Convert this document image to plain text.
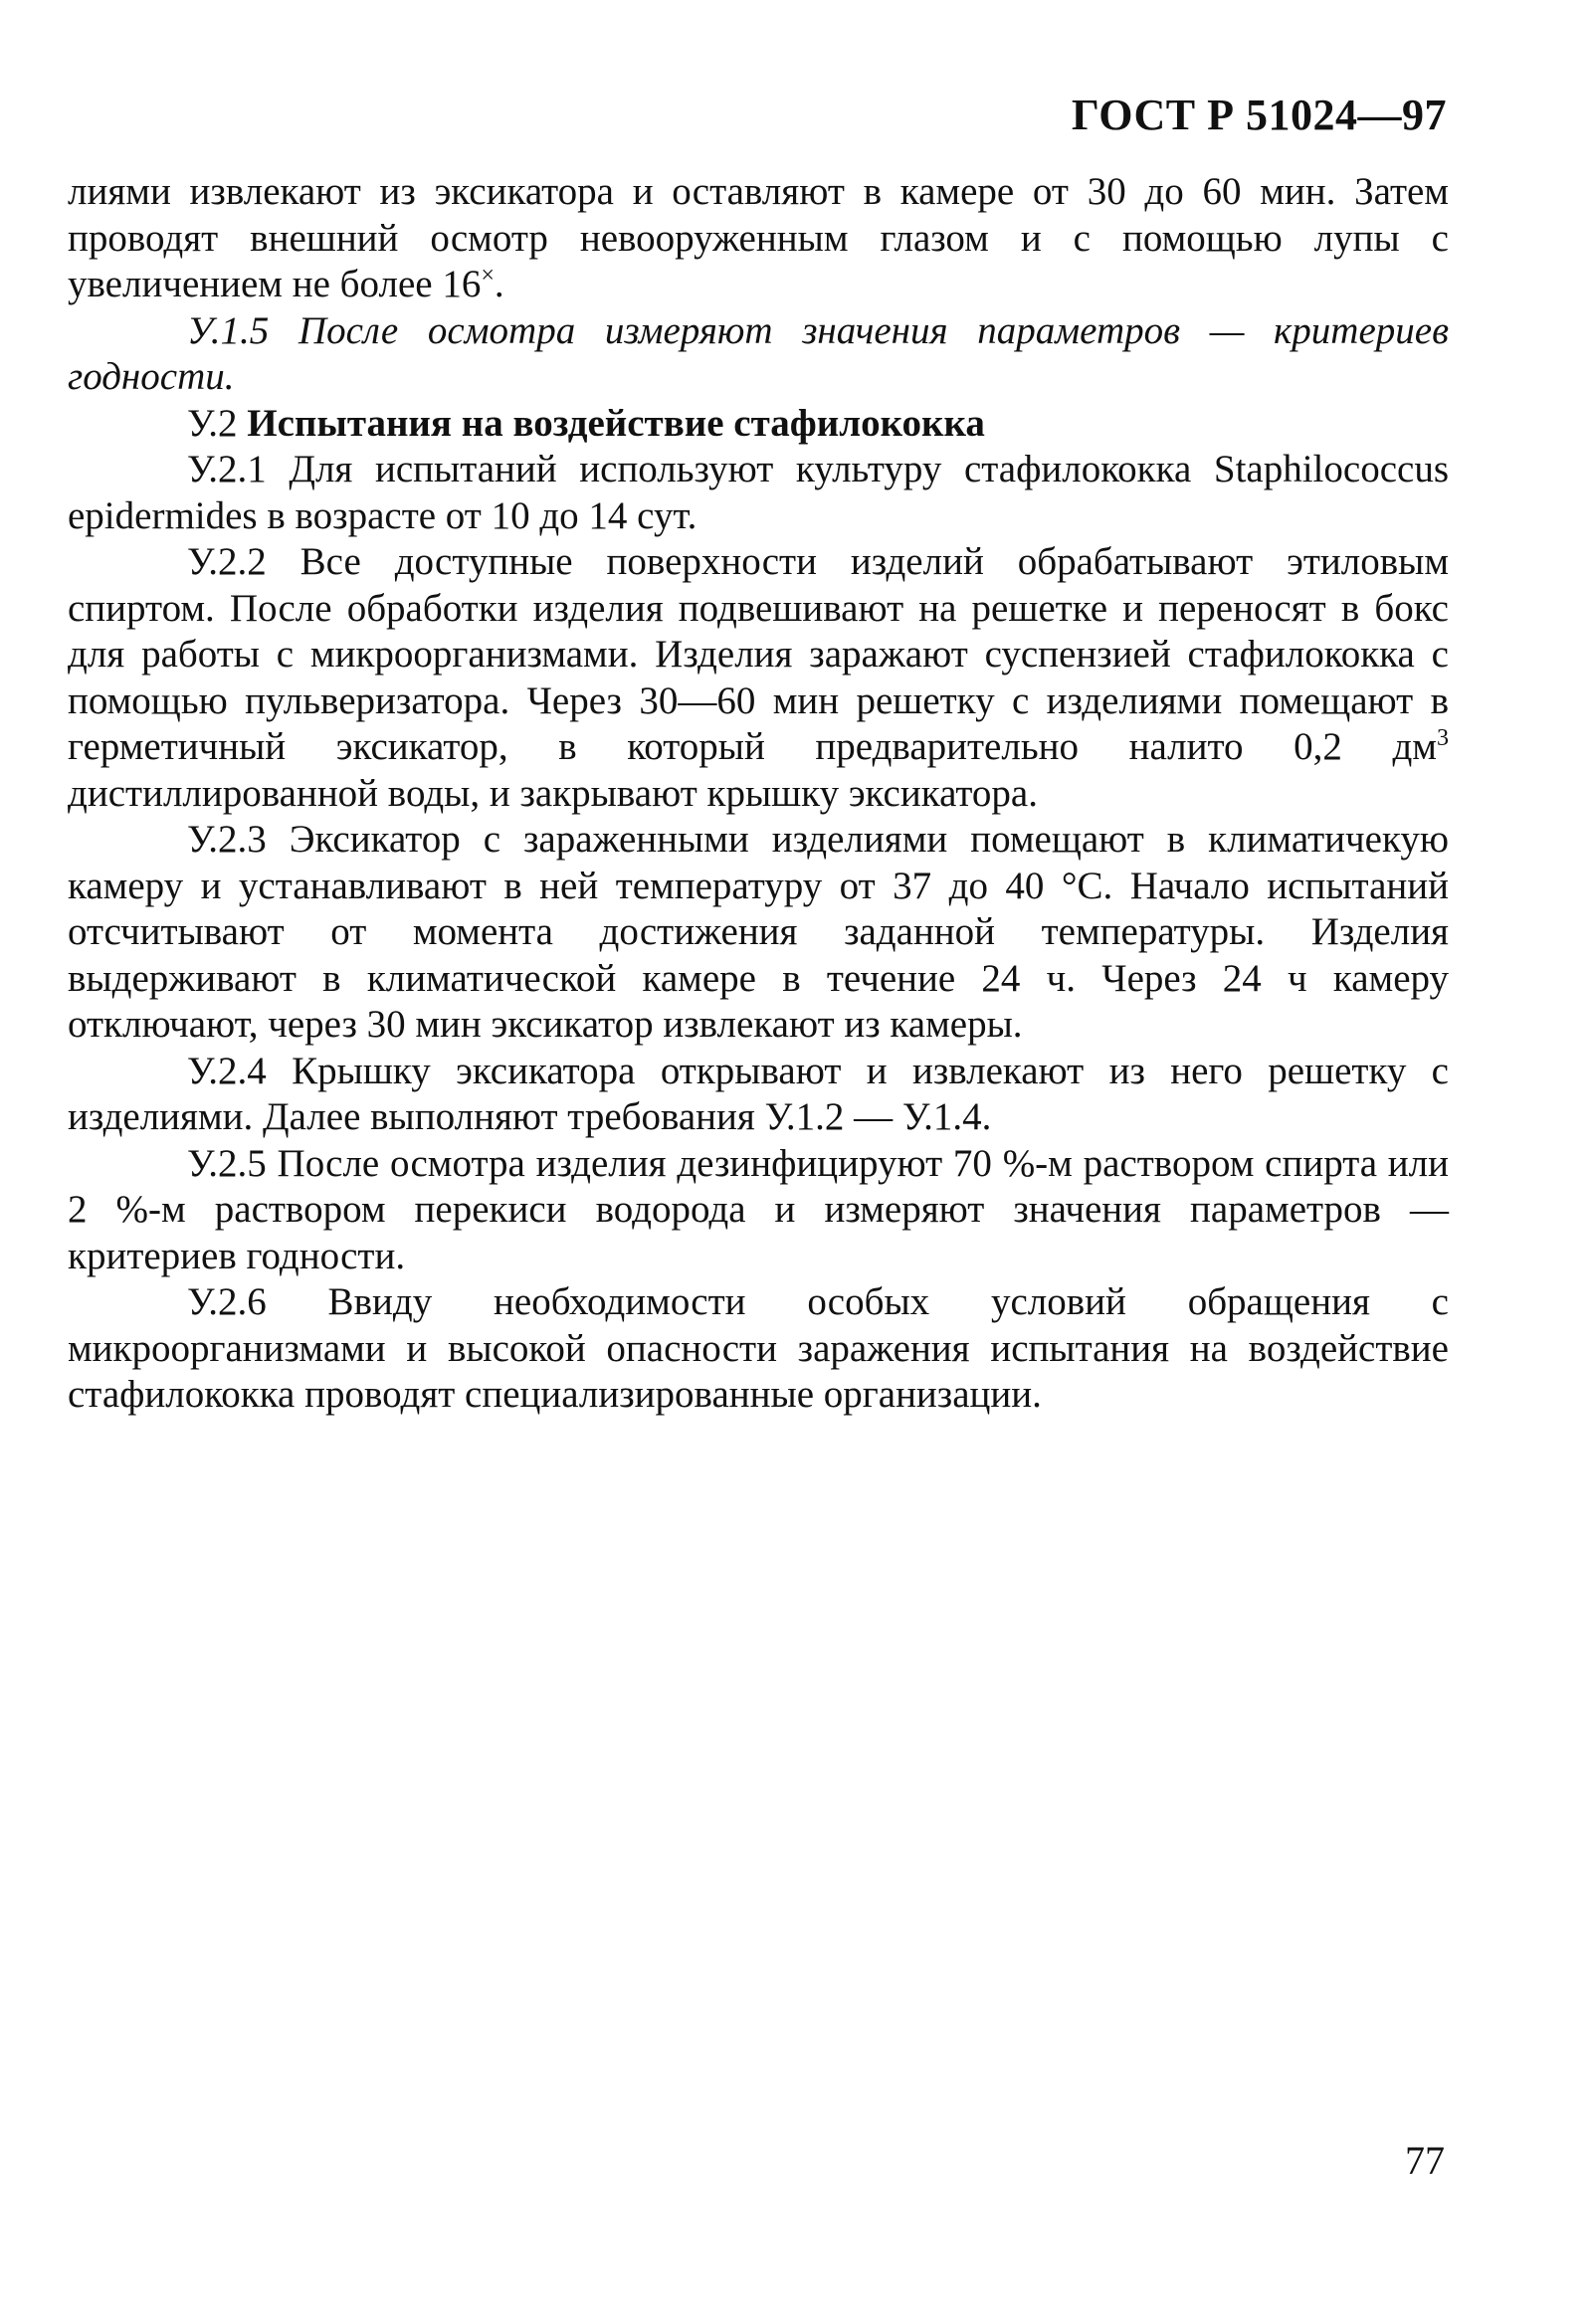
ГОСТ Р 51024—97

лиями извлекают из эксикатора и оставляют в камере от 30 до 60 мин. Затем проводят внешний осмотр невооруженным глазом и с помощью лупы с увеличением не более 16×.

У.1.5 После осмотра измеряют значения параметров — критериев годности.

У.2 Испытания на воздействие стафилококка

У.2.1 Для испытаний используют культуру стафилококка Staphilococcus epidermides в возрасте от 10 до 14 сут.

У.2.2 Все доступные поверхности изделий обрабатывают этиловым спиртом. После обработки изделия подвешивают на решетке и переносят в бокс для работы с микроорганизмами. Изделия заражают суспензией стафилококка с помощью пульверизатора. Через 30—60 мин решетку с изделиями помещают в герметичный эксикатор, в который предварительно налито 0,2 $дм^3$ дистиллированной воды, и закрывают крышку эксикатора.

У.2.3 Эксикатор с зараженными изделиями помещают в климатичекую камеру и устанавливают в ней температуру от 37 до 40 °С. Начало испытаний отсчитывают от момента достижения заданной температуры. Изделия выдерживают в климатической камере в течение 24 ч. Через 24 ч камеру отключают, через 30 мин эксикатор извлекают из камеры.

У.2.4 Крышку эксикатора открывают и извлекают из него решетку с изделиями. Далее выполняют требования У.1.2 — У.1.4.

У.2.5 После осмотра изделия дезинфицируют 70 %-м раствором спирта или 2 %-м раствором перекиси водорода и измеряют значения параметров — критериев годности.

У.2.6 Ввиду необходимости особых условий обращения с микроорганизмами и высокой опасности заражения испытания на воздействие стафилококка проводят специализированные организации.

77
